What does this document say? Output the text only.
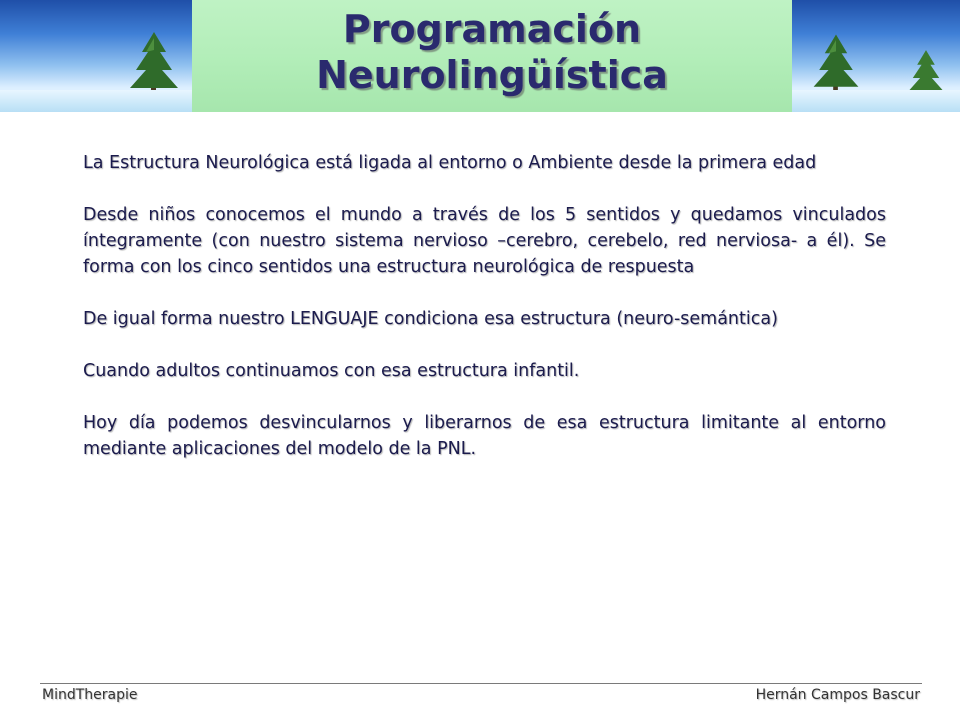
Programación
Neurolingüística

La Estructura Neurológica está ligada al entorno o Ambiente desde la primera edad

Desde niños conocemos el mundo a través de los 5 sentidos y quedamos vinculados íntegramente (con nuestro sistema nervioso –cerebro, cerebelo, red nerviosa- a él). Se forma con los cinco sentidos una estructura neurológica de respuesta

De igual forma nuestro LENGUAJE condiciona esa estructura (neuro-semántica)

Cuando adultos continuamos con esa estructura infantil.

Hoy día podemos desvincularnos y liberarnos de esa estructura limitante al entorno mediante aplicaciones del modelo de la PNL.

MindTherapie	Hernán Campos Bascur
